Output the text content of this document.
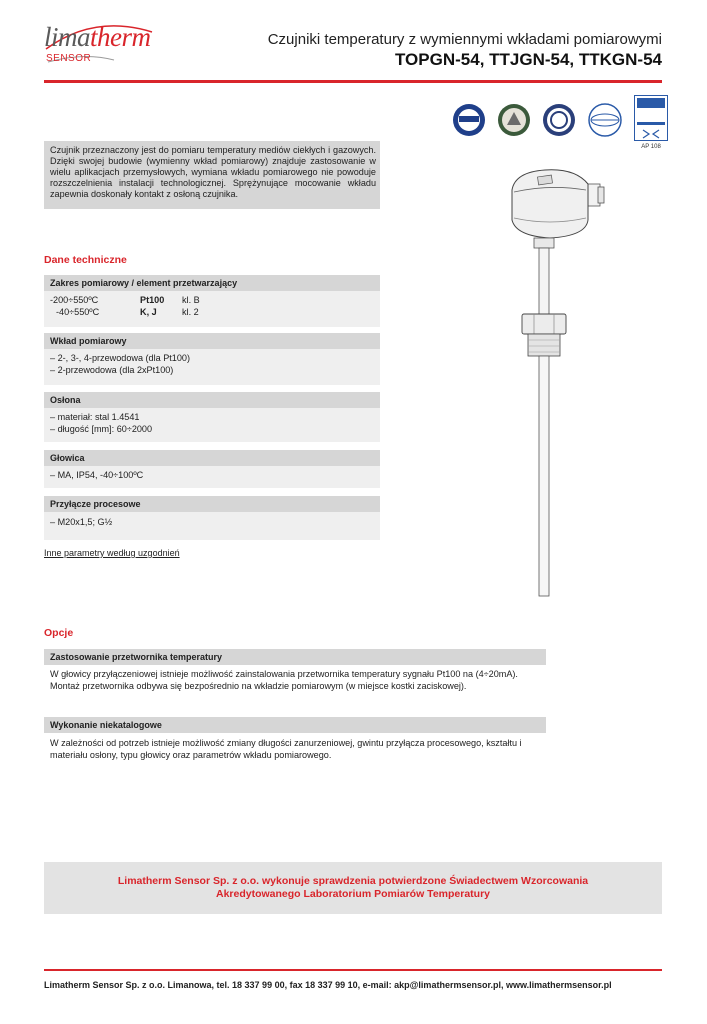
limatherm
SENSOR
Czujniki temperatury z wymiennymi wkładami pomiarowymi
TOPGN-54, TTJGN-54, TTKGN-54
AP 108

Czujnik przeznaczony jest do pomiaru temperatury mediów ciekłych i gazowych. Dzięki swojej budowie (wymienny wkład pomiarowy) znajduje zastosowanie w wielu aplikacjach przemysłowych, wymiana wkładu pomiarowego nie powoduje rozszczelnienia instalacji technologicznej. Sprężynujące mocowanie wkładu zapewnia doskonały kontakt z osłoną czujnika.

Dane techniczne
Zakres pomiarowy / element przetwarzający
-200÷550ºC	Pt100 kl. B
-40÷550ºC	K, J	kl. 2
Wkład pomiarowy
– 2-, 3-, 4-przewodowa (dla Pt100)
– 2-przewodowa (dla 2xPt100)
Osłona
– materiał: stal 1.4541
– długość [mm]: 60÷2000
Głowica
– MA, IP54, -40÷100ºC
Przyłącze procesowe
– M20x1,5; G½
Inne parametry według uzgodnień
Opcje
Zastosowanie przetwornika temperatury

W głowicy przyłączeniowej istnieje możliwość zainstalowania przetwornika temperatury sygnału Pt100 na (4÷20mA). Montaż przetwornika odbywa się bezpośrednio na wkładzie pomiarowym (w miejsce kostki zaciskowej).

Wykonanie niekatalogowe

W zależności od potrzeb istnieje możliwość zmiany długości zanurzeniowej, gwintu przyłącza procesowego, kształtu i materiału osłony, typu głowicy oraz parametrów wkładu pomiarowego.

Limatherm Sensor Sp. z o.o. wykonuje sprawdzenia potwierdzone Świadectwem Wzorcowania
Akredytowanego Laboratorium Pomiarów Temperatury
Limatherm Sensor Sp. z o.o. Limanowa, tel. 18 337 99 00, fax 18 337 99 10, e-mail: akp@limathermsensor.pl, www.limathermsensor.pl
